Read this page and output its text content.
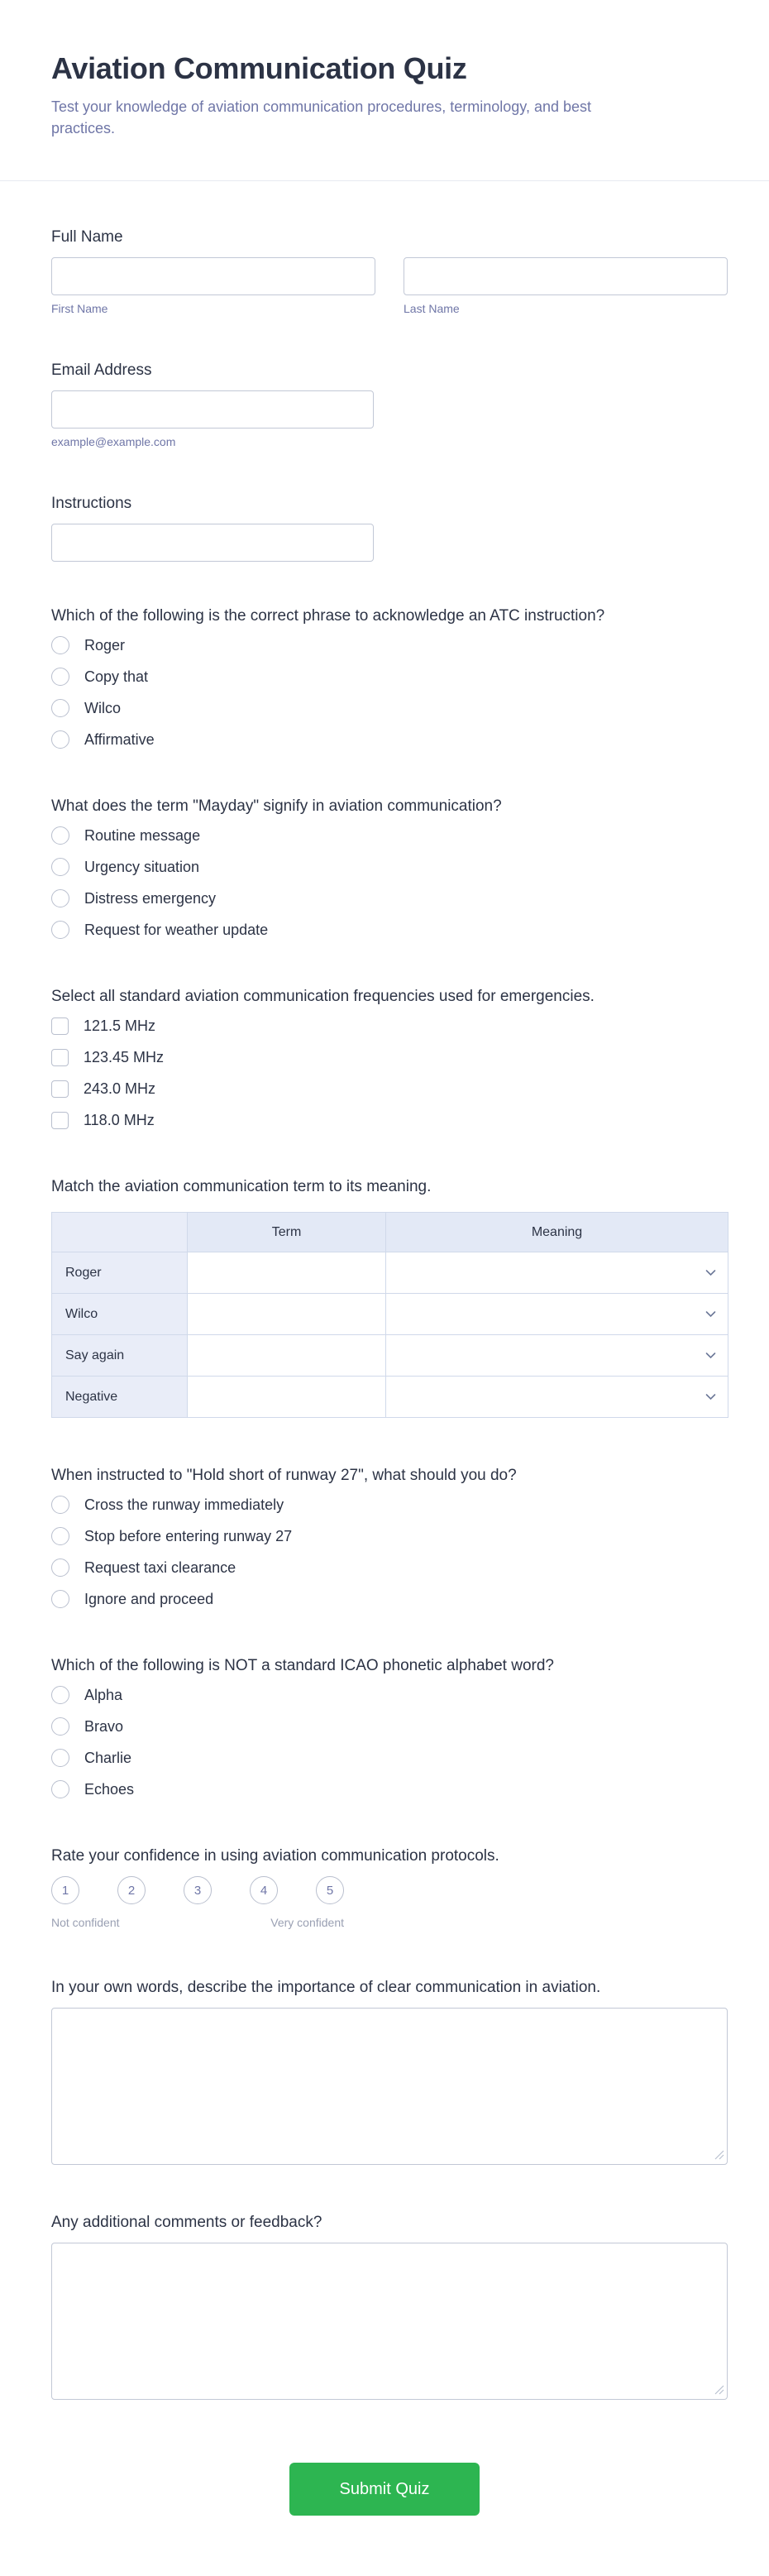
Aviation Communication Quiz

Test your knowledge of aviation communication procedures, terminology, and best practices.

Full Name
First Name	Last Name
Email Address
example@example.com
Instructions
Which of the following is the correct phrase to acknowledge an ATC instruction?
Roger
Copy that
Wilco
Affirmative
What does the term "Mayday" signify in aviation communication?
Routine message
Urgency situation
Distress emergency
Request for weather update
Select all standard aviation communication frequencies used for emergencies.
121.5 MHz
123.45 MHz
243.0 MHz
118.0 MHz
Match the aviation communication term to its meaning.
	Term	Meaning
Roger		

Wilco		

Say again		

Negative		
When instructed to "Hold short of runway 27", what should you do?
Cross the runway immediately
Stop before entering runway 27
Request taxi clearance
Ignore and proceed
Which of the following is NOT a standard ICAO phonetic alphabet word?
Alpha
Bravo
Charlie
Echoes
Rate your confidence in using aviation communication protocols.
1	2	3	4	5
Not confident	Very confident
In your own words, describe the importance of clear communication in aviation.
Any additional comments or feedback?
Submit Quiz
